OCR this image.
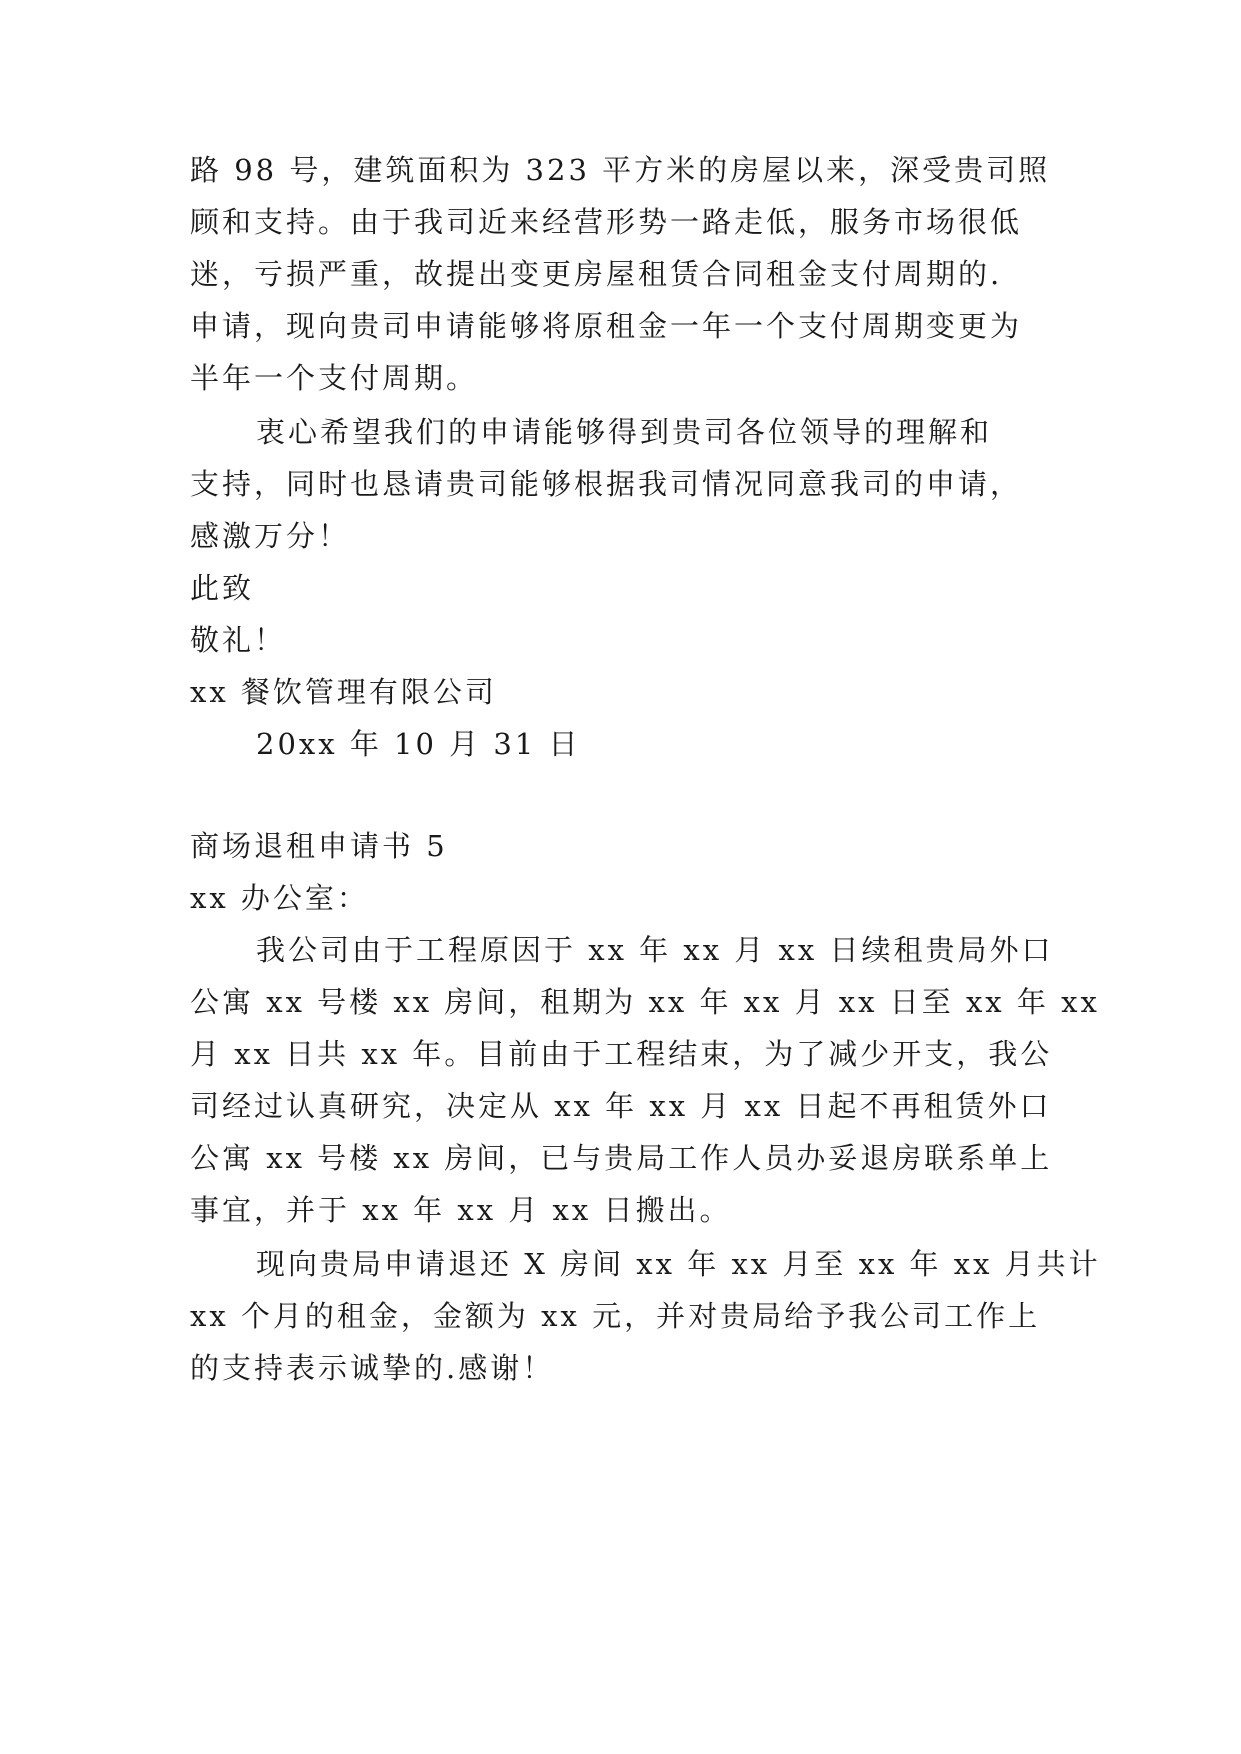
路 98 号，建筑面积为 323 平方米的房屋以来，深受贵司照

顾和支持。由于我司近来经营形势一路走低，服务市场很低

迷，亏损严重，故提出变更房屋租赁合同租金支付周期的.

申请，现向贵司申请能够将原租金一年一个支付周期变更为

半年一个支付周期。

衷心希望我们的申请能够得到贵司各位领导的理解和

支持，同时也恳请贵司能够根据我司情况同意我司的申请，

感激万分！

此致

敬礼！

xx 餐饮管理有限公司

20xx 年 10 月 31 日

商场退租申请书 5

xx 办公室：

我公司由于工程原因于 xx 年 xx 月 xx 日续租贵局外口

公寓 xx 号楼 xx 房间，租期为 xx 年 xx 月 xx 日至 xx 年 xx

月 xx 日共 xx 年。目前由于工程结束，为了减少开支，我公

司经过认真研究，决定从 xx 年 xx 月 xx 日起不再租赁外口

公寓 xx 号楼 xx 房间，已与贵局工作人员办妥退房联系单上

事宜，并于 xx 年 xx 月 xx 日搬出。

现向贵局申请退还 X 房间 xx 年 xx 月至 xx 年 xx 月共计

xx 个月的租金，金额为 xx 元，并对贵局给予我公司工作上

的支持表示诚挚的.感谢！
